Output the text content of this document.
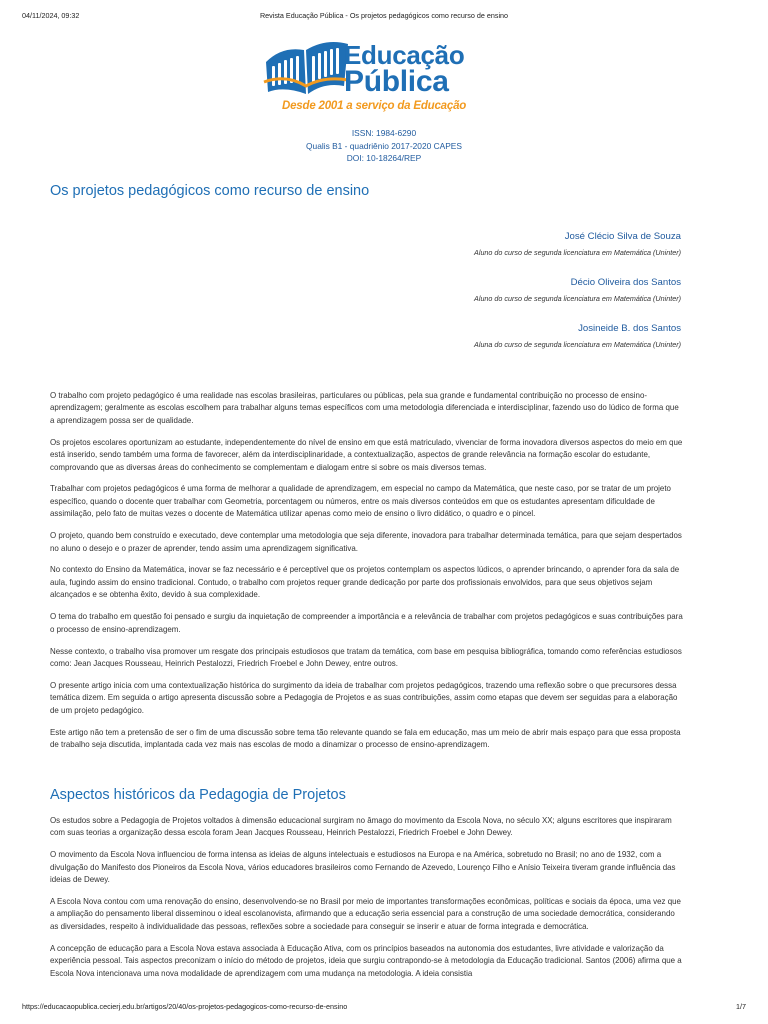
04/11/2024, 09:32	Revista Educação Pública - Os projetos pedagógicos como recurso de ensino
Educação
Pública
Desde 2001 a serviço da Educação
ISSN: 1984-6290
Qualis B1 - quadriênio 2017-2020 CAPES
DOI: 10-18264/REP
Os projetos pedagógicos como recurso de ensino
José Clécio Silva de Souza
Aluno do curso de segunda licenciatura em Matemática (Uninter)
Décio Oliveira dos Santos
Aluno do curso de segunda licenciatura em Matemática (Uninter)
Josineide B. dos Santos
Aluna do curso de segunda licenciatura em Matemática (Uninter)

O trabalho com projeto pedagógico é uma realidade nas escolas brasileiras, particulares ou públicas, pela sua grande e fundamental contribuição no processo de ensino-aprendizagem; geralmente as escolas escolhem para trabalhar alguns temas específicos com uma metodologia diferenciada e interdisciplinar, fazendo uso do lúdico de forma que a aprendizagem possa ser de qualidade.

Os projetos escolares oportunizam ao estudante, independentemente do nível de ensino em que está matriculado, vivenciar de forma inovadora diversos aspectos do meio em que está inserido, sendo também uma forma de favorecer, além da interdisciplinaridade, a contextualização, aspectos de grande relevância na formação escolar do estudante, comprovando que as diversas áreas do conhecimento se complementam e dialogam entre si sobre os mais diversos temas.

Trabalhar com projetos pedagógicos é uma forma de melhorar a qualidade de aprendizagem, em especial no campo da Matemática, que neste caso, por se tratar de um projeto específico, quando o docente quer trabalhar com Geometria, porcentagem ou números, entre os mais diversos conteúdos em que os estudantes apresentam dificuldade de assimilação, pelo fato de muitas vezes o docente de Matemática utilizar apenas como meio de ensino o livro didático, o quadro e o pincel.

O projeto, quando bem construído e executado, deve contemplar uma metodologia que seja diferente, inovadora para trabalhar determinada temática, para que sejam despertados no aluno o desejo e o prazer de aprender, tendo assim uma aprendizagem significativa.

No contexto do Ensino da Matemática, inovar se faz necessário e é perceptível que os projetos contemplam os aspectos lúdicos, o aprender brincando, o aprender fora da sala de aula, fugindo assim do ensino tradicional. Contudo, o trabalho com projetos requer grande dedicação por parte dos profissionais envolvidos, para que seus objetivos sejam alcançados e se obtenha êxito, devido à sua complexidade.

O tema do trabalho em questão foi pensado e surgiu da inquietação de compreender a importância e a relevância de trabalhar com projetos pedagógicos e suas contribuições para o processo de ensino-aprendizagem.

Nesse contexto, o trabalho visa promover um resgate dos principais estudiosos que tratam da temática, com base em pesquisa bibliográfica, tomando como referências estudiosos como: Jean Jacques Rousseau, Heinrich Pestalozzi, Friedrich Froebel e John Dewey, entre outros.

O presente artigo inicia com uma contextualização histórica do surgimento da ideia de trabalhar com projetos pedagógicos, trazendo uma reflexão sobre o que precursores dessa temática dizem. Em seguida o artigo apresenta discussão sobre a Pedagogia de Projetos e as suas contribuições, assim como etapas que devem ser seguidas para a elaboração de um projeto pedagógico.

Este artigo não tem a pretensão de ser o fim de uma discussão sobre tema tão relevante quando se fala em educação, mas um meio de abrir mais espaço para que essa proposta de trabalho seja discutida, implantada cada vez mais nas escolas de modo a dinamizar o processo de ensino-aprendizagem.

Aspectos históricos da Pedagogia de Projetos

Os estudos sobre a Pedagogia de Projetos voltados à dimensão educacional surgiram no âmago do movimento da Escola Nova, no século XX; alguns escritores que inspiraram com suas teorias a organização dessa escola foram Jean Jacques Rousseau, Heinrich Pestalozzi, Friedrich Froebel e John Dewey.

O movimento da Escola Nova influenciou de forma intensa as ideias de alguns intelectuais e estudiosos na Europa e na América, sobretudo no Brasil; no ano de 1932, com a divulgação do Manifesto dos Pioneiros da Escola Nova, vários educadores brasileiros como Fernando de Azevedo, Lourenço Filho e Anísio Teixeira tiveram grande influência das ideias de Dewey.

A Escola Nova contou com uma renovação do ensino, desenvolvendo-se no Brasil por meio de importantes transformações econômicas, políticas e sociais da época, uma vez que a ampliação do pensamento liberal disseminou o ideal escolanovista, afirmando que a educação seria essencial para a construção de uma sociedade democrática, considerando as diversidades, respeito à individualidade das pessoas, reflexões sobre a sociedade para conseguir se inserir e atuar de forma integrada e democrática.

A concepção de educação para a Escola Nova estava associada à Educação Ativa, com os princípios baseados na autonomia dos estudantes, livre atividade e valorização da experiência pessoal. Tais aspectos preconizam o início do método de projetos, ideia que surgiu contrapondo-se à metodologia da Educação tradicional. Santos (2006) afirma que a Escola Nova intencionava uma nova modalidade de aprendizagem com uma mudança na metodologia. A ideia consistia

https://educacaopublica.cecierj.edu.br/artigos/20/40/os-projetos-pedagogicos-como-recurso-de-ensino	1/7
